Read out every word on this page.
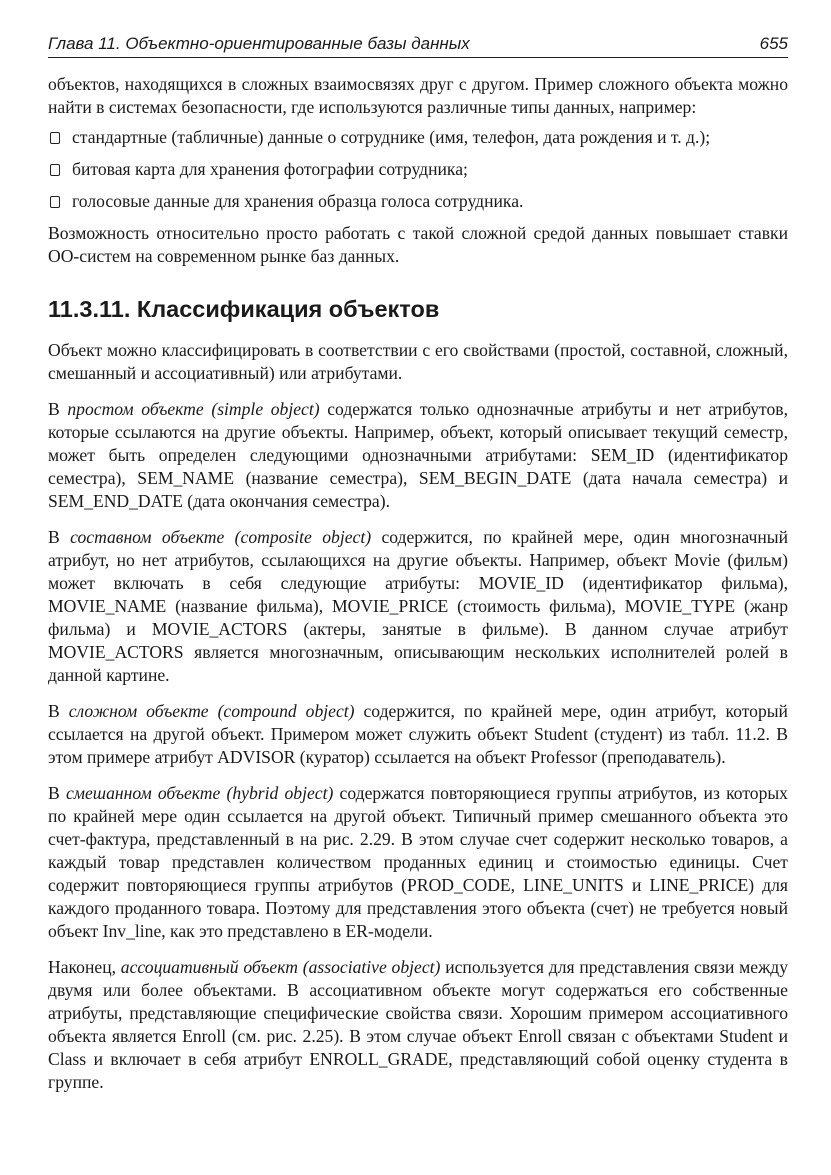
Глава 11. Объектно-ориентированные базы данных	655

объектов, находящихся в сложных взаимосвязях друг с другом. Пример сложного объекта можно найти в системах безопасности, где используются различные типы данных, например:

стандартные (табличные) данные о сотруднике (имя, телефон, дата рождения и т. д.);
битовая карта для хранения фотографии сотрудника;
голосовые данные для хранения образца голоса сотрудника.

Возможность относительно просто работать с такой сложной средой данных повышает ставки ОО-систем на современном рынке баз данных.

11.3.11. Классификация объектов

Объект можно классифицировать в соответствии с его свойствами (простой, составной, сложный, смешанный и ассоциативный) или атрибутами.

В простом объекте (simple object) содержатся только однозначные атрибуты и нет атрибутов, которые ссылаются на другие объекты. Например, объект, который описывает текущий семестр, может быть определен следующими однозначными атрибутами: SEM_ID (идентификатор семестра), SEM_NAME (название семестра), SEM_BEGIN_DATE (дата начала семестра) и SEM_END_DATE (дата окончания семестра).

В составном объекте (composite object) содержится, по крайней мере, один многозначный атрибут, но нет атрибутов, ссылающихся на другие объекты. Например, объект Movie (фильм) может включать в себя следующие атрибуты: MOVIE_ID (идентификатор фильма), MOVIE_NAME (название фильма), MOVIE_PRICE (стоимость фильма), MOVIE_TYPE (жанр фильма) и MOVIE_ACTORS (актеры, занятые в фильме). В данном случае атрибут MOVIE_ACTORS является многозначным, описывающим нескольких исполнителей ролей в данной картине.

В сложном объекте (compound object) содержится, по крайней мере, один атрибут, который ссылается на другой объект. Примером может служить объект Student (студент) из табл. 11.2. В этом примере атрибут ADVISOR (куратор) ссылается на объект Professor (преподаватель).

В смешанном объекте (hybrid object) содержатся повторяющиеся группы атрибутов, из которых по крайней мере один ссылается на другой объект. Типичный пример смешанного объекта это счет-фактура, представленный в на рис. 2.29. В этом случае счет содержит несколько товаров, а каждый товар представлен количеством проданных единиц и стоимостью единицы. Счет содержит повторяющиеся группы атрибутов (PROD_CODE, LINE_UNITS и LINE_PRICE) для каждого проданного товара. Поэтому для представления этого объекта (счет) не требуется новый объект Inv_line, как это представлено в ER-модели.

Наконец, ассоциативный объект (associative object) используется для представления связи между двумя или более объектами. В ассоциативном объекте могут содержаться его собственные атрибуты, представляющие специфические свойства связи. Хорошим примером ассоциативного объекта является Enroll (см. рис. 2.25). В этом случае объект Enroll связан с объектами Student и Class и включает в себя атрибут ENROLL_GRADE, представляющий собой оценку студента в группе.
